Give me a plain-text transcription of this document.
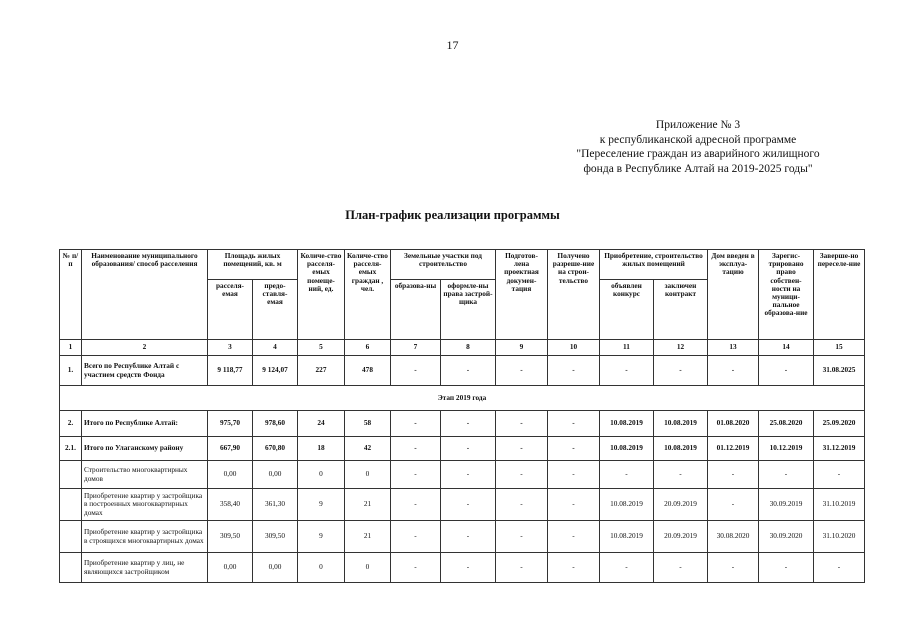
17
Приложение № 3
к республиканской адресной программе
"Переселение граждан из аварийного жилищного
фонда в Республике Алтай на 2019-2025 годы"
План-график реализации программы
№ п/п	Наименование муниципального образования/ способ расселения	Площадь жилых помещений, кв. м		Количе-ство расселя-емых помеще-ний, ед.	Количе-ство расселя-емых граждан , чел.	Земельные участки под строительство		Подготов-лена проектная докумен-тация	Получено разреше-ние на строи-тельство	Приобретение, строительство жилых помещений		Дом введен в эксплуа-тацию	Зарегис-трировано право собствен-ности на муници-пальное образова-ние	Заверше-но переселе-ние
		расселя-емая	предо-ставля-емая			образова-ны	оформле-ны права застрой-щика			объявлен конкурс	заключен контракт			
1	2	3	4	5	6	7	8	9	10	11	12	13	14	15
1.	Всего по Республике Алтай с участием средств Фонда	9 118,77	9 124,07	227	478	-	-	-	-	-	-	-	-	31.08.2025
Этап 2019 года														
2.	Итого по Республике Алтай:	975,70	978,60	24	58	-	-	-	-	10.08.2019	10.08.2019	01.08.2020	25.08.2020	25.09.2020
2.1.	Итого по Улаганскому району	667,90	670,80	18	42	-	-	-	-	10.08.2019	10.08.2019	01.12.2019	10.12.2019	31.12.2019
	Строительство многоквартирных домов	0,00	0,00	0	0	-	-	-	-	-	-	-	-	-
	Приобретение квартир у застройщика в построенных многоквартирных домах	358,40	361,30	9	21	-	-	-	-	10.08.2019	20.09.2019	-	30.09.2019	31.10.2019
	Приобретение квартир у застройщика в строящихся многоквартирных домах	309,50	309,50	9	21	-	-	-	-	10.08.2019	20.09.2019	30.08.2020	30.09.2020	31.10.2020
	Приобретение квартир у лиц, не являющихся застройщиком	0,00	0,00	0	0	-	-	-	-	-	-	-	-	-
